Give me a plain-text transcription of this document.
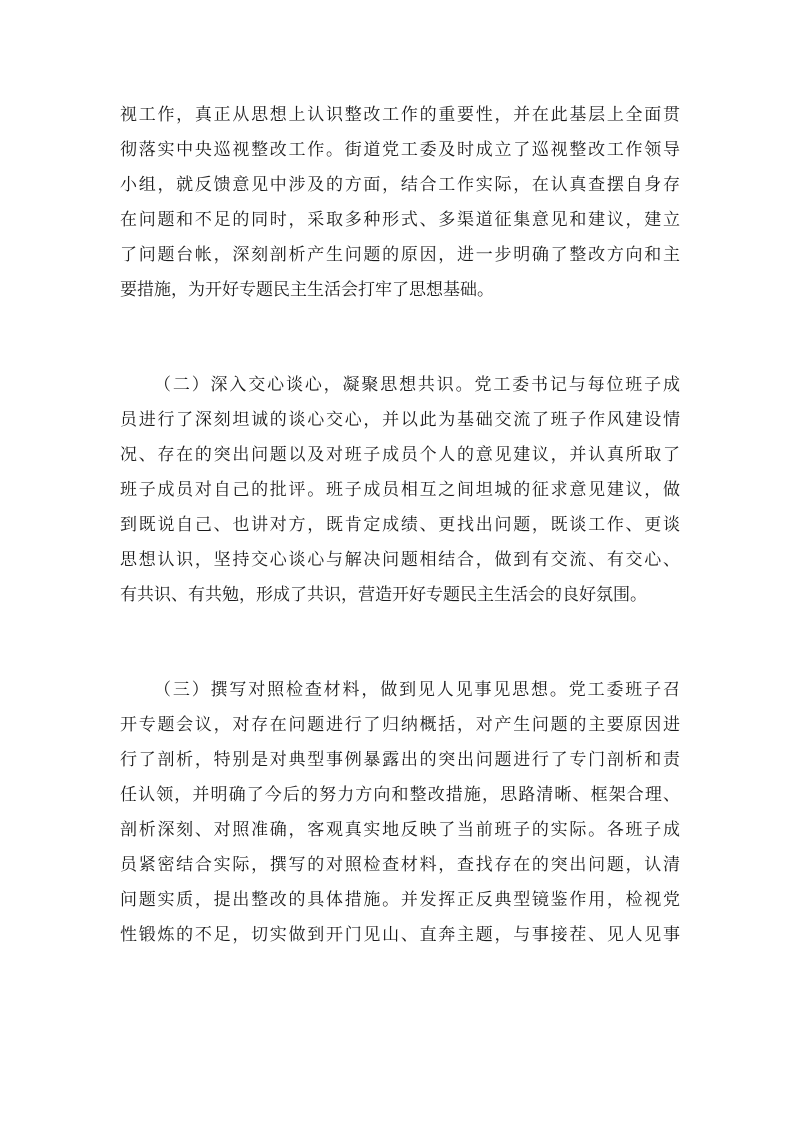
视工作，真正从思想上认识整改工作的重要性，并在此基层上全面贯
彻落实中央巡视整改工作。街道党工委及时成立了巡视整改工作领导
小组，就反馈意见中涉及的方面，结合工作实际，在认真查摆自身存
在问题和不足的同时，采取多种形式、多渠道征集意见和建议，建立
了问题台帐，深刻剖析产生问题的原因，进一步明确了整改方向和主
要措施，为开好专题民主生活会打牢了思想基础。
（二）深入交心谈心，凝聚思想共识。党工委书记与每位班子成
员进行了深刻坦诚的谈心交心，并以此为基础交流了班子作风建设情
况、存在的突出问题以及对班子成员个人的意见建议，并认真所取了
班子成员对自己的批评。班子成员相互之间坦城的征求意见建议，做
到既说自己、也讲对方，既肯定成绩、更找出问题，既谈工作、更谈
思想认识，坚持交心谈心与解决问题相结合，做到有交流、有交心、
有共识、有共勉，形成了共识，营造开好专题民主生活会的良好氛围。
（三）撰写对照检查材料，做到见人见事见思想。党工委班子召
开专题会议，对存在问题进行了归纳概括，对产生问题的主要原因进
行了剖析，特别是对典型事例暴露出的突出问题进行了专门剖析和责
任认领，并明确了今后的努力方向和整改措施，思路清晰、框架合理、
剖析深刻、对照准确，客观真实地反映了当前班子的实际。各班子成
员紧密结合实际，撰写的对照检查材料，查找存在的突出问题，认清
问题实质，提出整改的具体措施。并发挥正反典型镜鉴作用，检视党
性锻炼的不足，切实做到开门见山、直奔主题，与事接茬、见人见事
